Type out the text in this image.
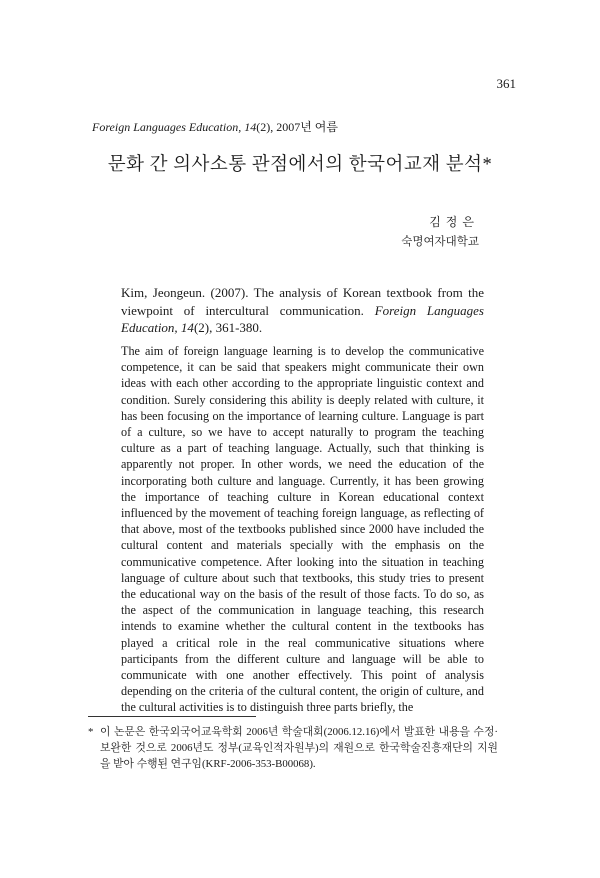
361
Foreign Languages Education, 14(2), 2007년 여름
문화 간 의사소통 관점에서의 한국어교재 분석*
김정은
숙명여자대학교
Kim, Jeongeun. (2007). The analysis of Korean textbook from the viewpoint of intercultural communication. Foreign Languages Education, 14(2), 361-380.
The aim of foreign language learning is to develop the communicative competence, it can be said that speakers might communicate their own ideas with each other according to the appropriate linguistic context and condition. Surely considering this ability is deeply related with culture, it has been focusing on the importance of learning culture. Language is part of a culture, so we have to accept naturally to program the teaching culture as a part of teaching language. Actually, such that thinking is apparently not proper. In other words, we need the education of the incorporating both culture and language. Currently, it has been growing the importance of teaching culture in Korean educational context influenced by the movement of teaching foreign language, as reflecting of that above, most of the textbooks published since 2000 have included the cultural content and materials specially with the emphasis on the communicative competence. After looking into the situation in teaching language of culture about such that textbooks, this study tries to present the educational way on the basis of the result of those facts. To do so, as the aspect of the communication in language teaching, this research intends to examine whether the cultural content in the textbooks has played a critical role in the real communicative situations where participants from the different culture and language will be able to communicate with one another effectively. This point of analysis depending on the criteria of the cultural content, the origin of culture, and the cultural activities is to distinguish three parts briefly, the
* 이 논문은 한국외국어교육학회 2006년 학술대회(2006.12.16)에서 발표한 내용을 수정·보완한 것으로 2006년도 정부(교육인적자원부)의 재원으로 한국학술진흥재단의 지원을 받아 수행된 연구임(KRF-2006-353-B00068).
